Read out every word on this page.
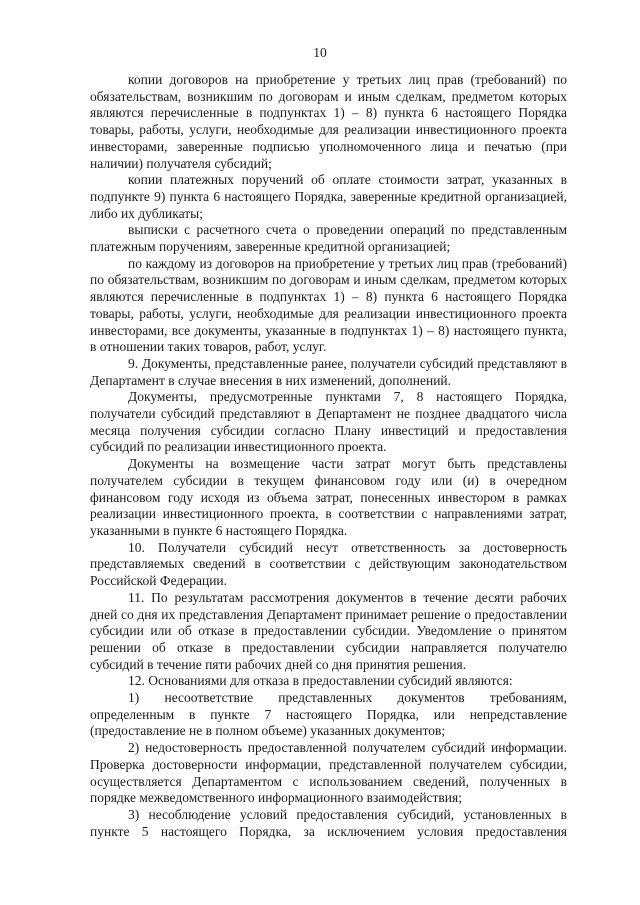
10

копии договоров на приобретение у третьих лиц прав (требований) по обязательствам, возникшим по договорам и иным сделкам, предметом которых являются перечисленные в подпунктах 1) – 8) пункта 6 настоящего Порядка товары, работы, услуги, необходимые для реализации инвестиционного проекта инвесторами, заверенные подписью уполномоченного лица и печатью (при наличии) получателя субсидий;

копии платежных поручений об оплате стоимости затрат, указанных в подпункте 9) пункта 6 настоящего Порядка, заверенные кредитной организацией, либо их дубликаты;

выписки с расчетного счета о проведении операций по представленным платежным поручениям, заверенные кредитной организацией;

по каждому из договоров на приобретение у третьих лиц прав (требований) по обязательствам, возникшим по договорам и иным сделкам, предметом которых являются перечисленные в подпунктах 1) – 8) пункта 6 настоящего Порядка товары, работы, услуги, необходимые для реализации инвестиционного проекта инвесторами, все документы, указанные в подпунктах 1) – 8) настоящего пункта, в отношении таких товаров, работ, услуг.

9. Документы, представленные ранее, получатели субсидий представляют в Департамент в случае внесения в них изменений, дополнений.

Документы, предусмотренные пунктами 7, 8 настоящего Порядка, получатели субсидий представляют в Департамент не позднее двадцатого числа месяца получения субсидии согласно Плану инвестиций и предоставления субсидий по реализации инвестиционного проекта.

Документы на возмещение части затрат могут быть представлены получателем субсидии в текущем финансовом году или (и) в очередном финансовом году исходя из объема затрат, понесенных инвестором в рамках реализации инвестиционного проекта, в соответствии с направлениями затрат, указанными в пункте 6 настоящего Порядка.

10. Получатели субсидий несут ответственность за достоверность представляемых сведений в соответствии с действующим законодательством Российской Федерации.

11. По результатам рассмотрения документов в течение десяти рабочих дней со дня их представления Департамент принимает решение о предоставлении субсидии или об отказе в предоставлении субсидии. Уведомление о принятом решении об отказе в предоставлении субсидии направляется получателю субсидий в течение пяти рабочих дней со дня принятия решения.

12. Основаниями для отказа в предоставлении субсидий являются:

1) несоответствие представленных документов требованиям, определенным в пункте 7 настоящего Порядка, или непредставление (предоставление не в полном объеме) указанных документов;

2) недостоверность предоставленной получателем субсидий информации. Проверка достоверности информации, представленной получателем субсидии, осуществляется Департаментом с использованием сведений, полученных в порядке межведомственного информационного взаимодействия;

3) несоблюдение условий предоставления субсидий, установленных в пункте 5 настоящего Порядка, за исключением условия предоставления
